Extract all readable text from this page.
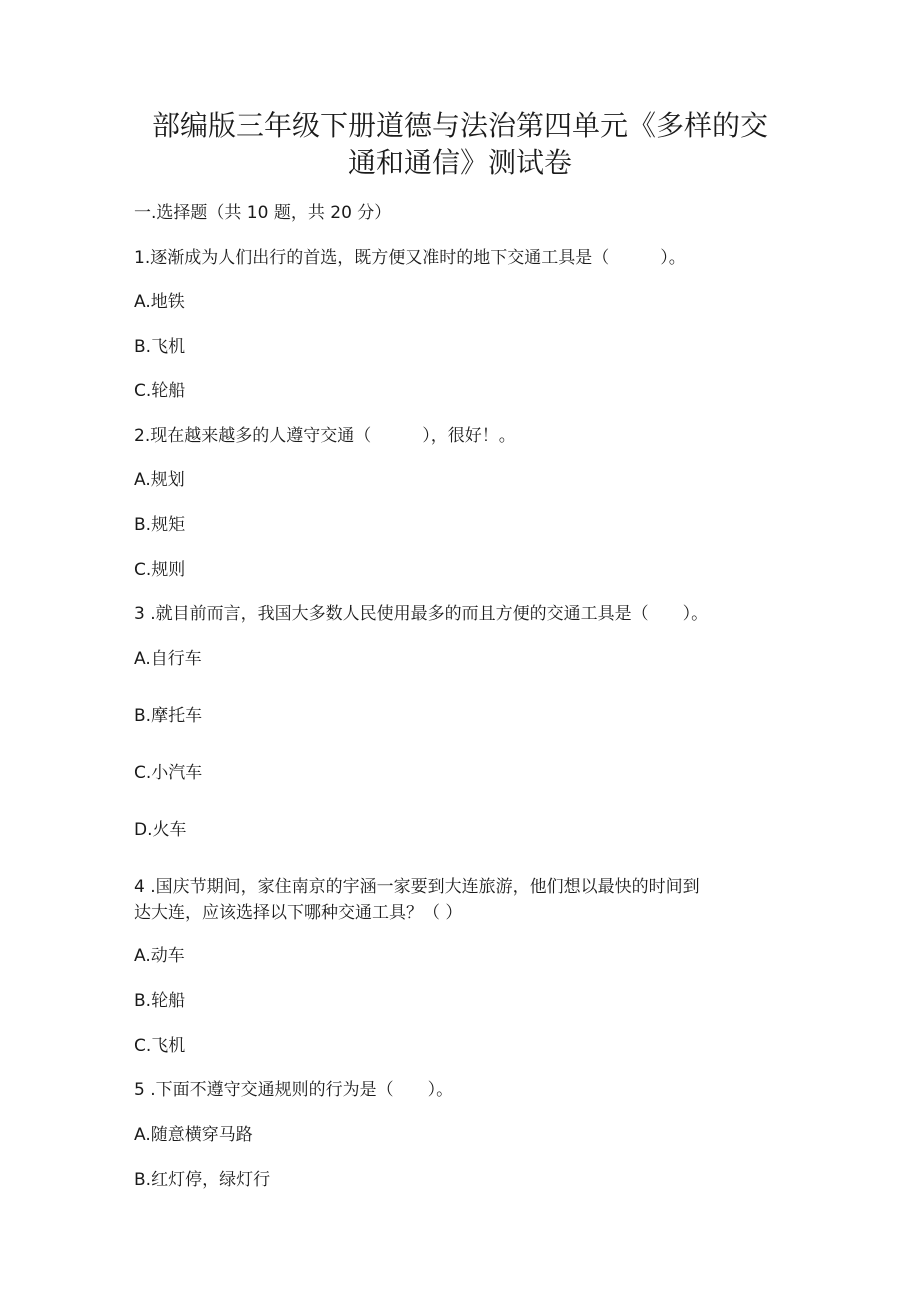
部编版三年级下册道德与法治第四单元《多样的交
通和通信》测试卷
一.选择题（共 10 题，共 20 分）
1.逐渐成为人们出行的首选，既方便又准时的地下交通工具是（　　　）。
A.地铁
B.飞机
C.轮船
2.现在越来越多的人遵守交通（　　　），很好！。
A.规划
B.规矩
C.规则
3 .就目前而言，我国大多数人民使用最多的而且方便的交通工具是（　　）。
A.自行车
B.摩托车
C.小汽车
D.火车
4 .国庆节期间，家住南京的宇涵一家要到大连旅游，他们想以最快的时间到
达大连，应该选择以下哪种交通工具？（ ）
A.动车
B.轮船
C.飞机
5 .下面不遵守交通规则的行为是（　　）。
A.随意横穿马路
B.红灯停，绿灯行
